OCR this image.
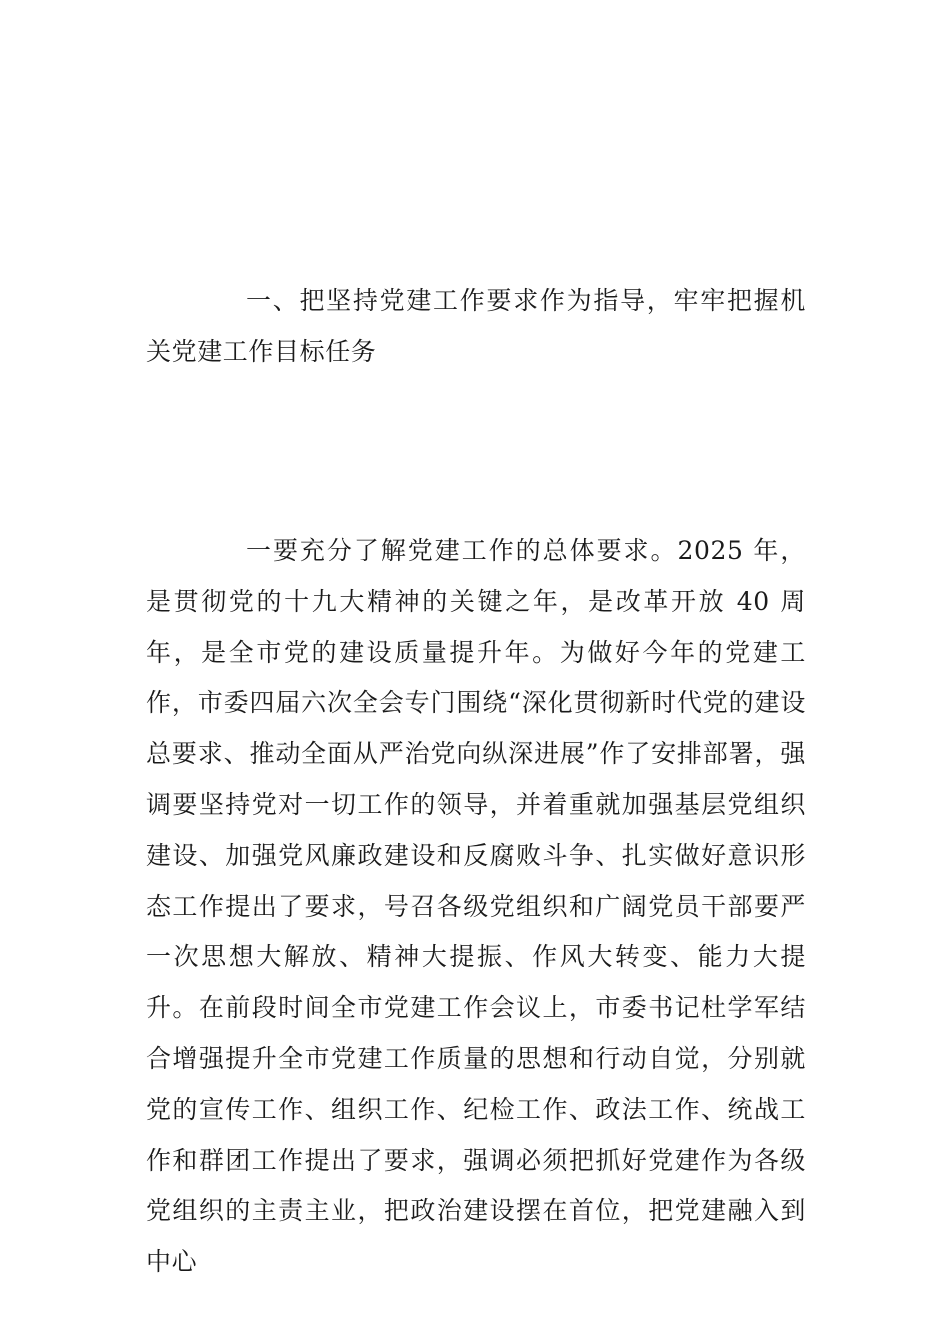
一、把坚持党建工作要求作为指导，牢牢把握机关党建工作目标任务

一要充分了解党建工作的总体要求。2025 年，是贯彻党的十九大精神的关键之年，是改革开放 40 周年，是全市党的建设质量提升年。为做好今年的党建工作，市委四届六次全会专门围绕“深化贯彻新时代党的建设总要求、推动全面从严治党向纵深进展”作了安排部署，强调要坚持党对一切工作的领导，并着重就加强基层党组织建设、加强党风廉政建设和反腐败斗争、扎实做好意识形态工作提出了要求，号召各级党组织和广阔党员干部要严一次思想大解放、精神大提振、作风大转变、能力大提升。在前段时间全市党建工作会议上，市委书记杜学军结合增强提升全市党建工作质量的思想和行动自觉，分别就党的宣传工作、组织工作、纪检工作、政法工作、统战工作和群团工作提出了要求，强调必须把抓好党建作为各级党组织的主责主业，把政治建设摆在首位，把党建融入到中心
